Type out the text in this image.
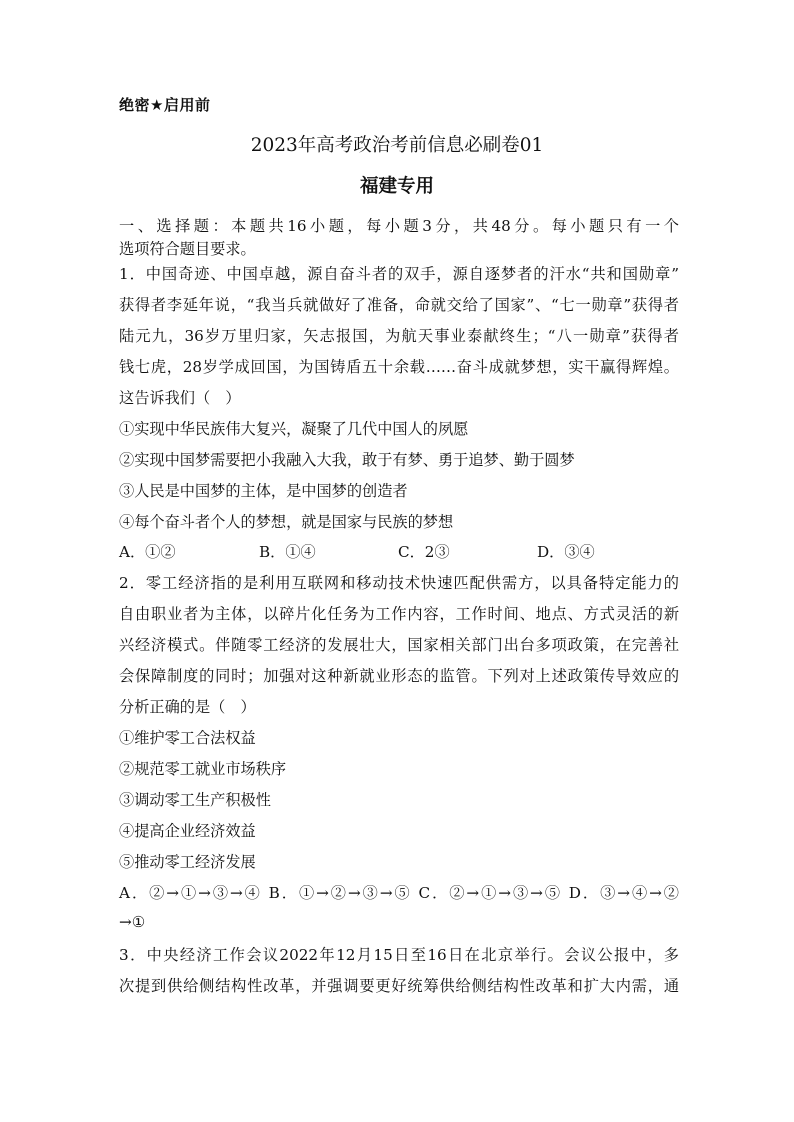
绝密★启用前
2023年高考政治考前信息必刷卷01
福建专用
一、选择题：本题共16小题，每小题3分，共48分。每小题只有一个
选项符合题目要求。
1．中国奇迹、中国卓越，源自奋斗者的双手，源自逐梦者的汗水“共和国勋章”
获得者李延年说，“我当兵就做好了准备，命就交给了国家”、“七一勋章”获得者
陆元九，36岁万里归家，矢志报国，为航天事业泰献终生；“八一勋章”获得者
钱七虎，28岁学成回国，为国铸盾五十余载……奋斗成就梦想，实干赢得辉煌。
这告诉我们（　）
①实现中华民族伟大复兴，凝聚了几代中国人的夙愿
②实现中国梦需要把小我融入大我，敢于有梦、勇于追梦、勤于圆梦
③人民是中国梦的主体，是中国梦的创造者
④每个奋斗者个人的梦想，就是国家与民族的梦想
A．①②	B．①④	C．2③	D．③④
2．零工经济指的是利用互联网和移动技术快速匹配供需方，以具备特定能力的
自由职业者为主体，以碎片化任务为工作内容，工作时间、地点、方式灵活的新
兴经济模式。伴随零工经济的发展壮大，国家相关部门出台多项政策，在完善社
会保障制度的同时；加强对这种新就业形态的监管。下列对上述政策传导效应的
分析正确的是（　）
①维护零工合法权益
②规范零工就业市场秩序
③调动零工生产积极性
④提高企业经济效益
⑤推动零工经济发展
A．②→①→③→④ B．①→②→③→⑤ C．②→①→③→⑤ D．③→④→②
→①
3．中央经济工作会议2022年12月15日至16日在北京举行。会议公报中，多
次提到供给侧结构性改革，并强调要更好统筹供给侧结构性改革和扩大内需，通
